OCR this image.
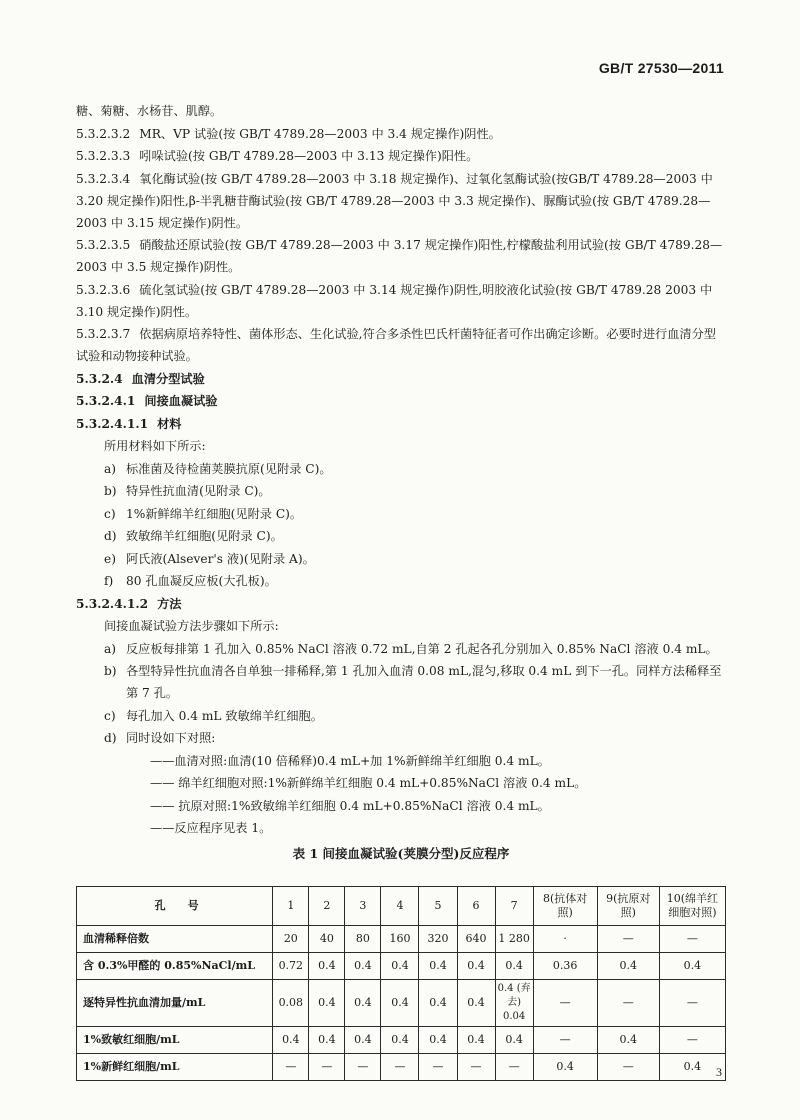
GB/T 27530—2011

糖、菊糖、水杨苷、肌醇。

5.3.2.3.2 MR、VP 试验(按 GB/T 4789.28—2003 中 3.4 规定操作)阴性。

5.3.2.3.3 吲哚试验(按 GB/T 4789.28—2003 中 3.13 规定操作)阳性。

5.3.2.3.4 氧化酶试验(按 GB/T 4789.28—2003 中 3.18 规定操作)、过氧化氢酶试验(按GB/T 4789.28—2003 中 3.20 规定操作)阳性,β-半乳糖苷酶试验(按 GB/T 4789.28—2003 中 3.3 规定操作)、脲酶试验(按 GB/T 4789.28—2003 中 3.15 规定操作)阴性。

5.3.2.3.5 硝酸盐还原试验(按 GB/T 4789.28—2003 中 3.17 规定操作)阳性,柠檬酸盐利用试验(按 GB/T 4789.28—2003 中 3.5 规定操作)阴性。

5.3.2.3.6 硫化氢试验(按 GB/T 4789.28—2003 中 3.14 规定操作)阴性,明胶液化试验(按 GB/T 4789.28 2003 中 3.10 规定操作)阴性。

5.3.2.3.7 依据病原培养特性、菌体形态、生化试验,符合多杀性巴氏杆菌特征者可作出确定诊断。必要时进行血清分型试验和动物接种试验。

5.3.2.4 血清分型试验

5.3.2.4.1 间接血凝试验

5.3.2.4.1.1 材料

所用材料如下所示:

a) 标准菌及待检菌荚膜抗原(见附录 C)。

b) 特异性抗血清(见附录 C)。

c) 1%新鲜绵羊红细胞(见附录 C)。

d) 致敏绵羊红细胞(见附录 C)。

e) 阿氏液(Alsever's 液)(见附录 A)。

f) 80 孔血凝反应板(大孔板)。

5.3.2.4.1.2 方法

间接血凝试验方法步骤如下所示:

a) 反应板每排第 1 孔加入 0.85% NaCl 溶液 0.72 mL,自第 2 孔起各孔分别加入 0.85% NaCl 溶液 0.4 mL。

b) 各型特异性抗血清各自单独一排稀释,第 1 孔加入血清 0.08 mL,混匀,移取 0.4 mL 到下一孔。同样方法稀释至第 7 孔。

c) 每孔加入 0.4 mL 致敏绵羊红细胞。

d) 同时设如下对照:

——血清对照:血清(10 倍稀释)0.4 mL+加 1%新鲜绵羊红细胞 0.4 mL。

—— 绵羊红细胞对照:1%新鲜绵羊红细胞 0.4 mL+0.85%NaCl 溶液 0.4 mL。

—— 抗原对照:1%致敏绵羊红细胞 0.4 mL+0.85%NaCl 溶液 0.4 mL。

——反应程序见表 1。

表 1 间接血凝试验(荚膜分型)反应程序

孔　　号	1	2	3	4	5	6	7	8(抗体对照)	9(抗原对照)	10(绵羊红细胞对照)
血清稀释倍数	20	40	80	160	320	640	1 280	·	—	—
含 0.3%甲醛的 0.85%NaCl/mL	0.72	0.4	0.4	0.4	0.4	0.4	0.4	0.36	0.4	0.4
逐特异性抗血清加量/mL	0.08	0.4	0.4	0.4	0.4	0.4	0.4 (弃去) 0.04	—	—	—
1%致敏红细胞/mL	0.4	0.4	0.4	0.4	0.4	0.4	0.4	—	0.4	—
1%新鲜红细胞/mL	—	—	—	—	—	—	—	0.4	—	0.4 3
